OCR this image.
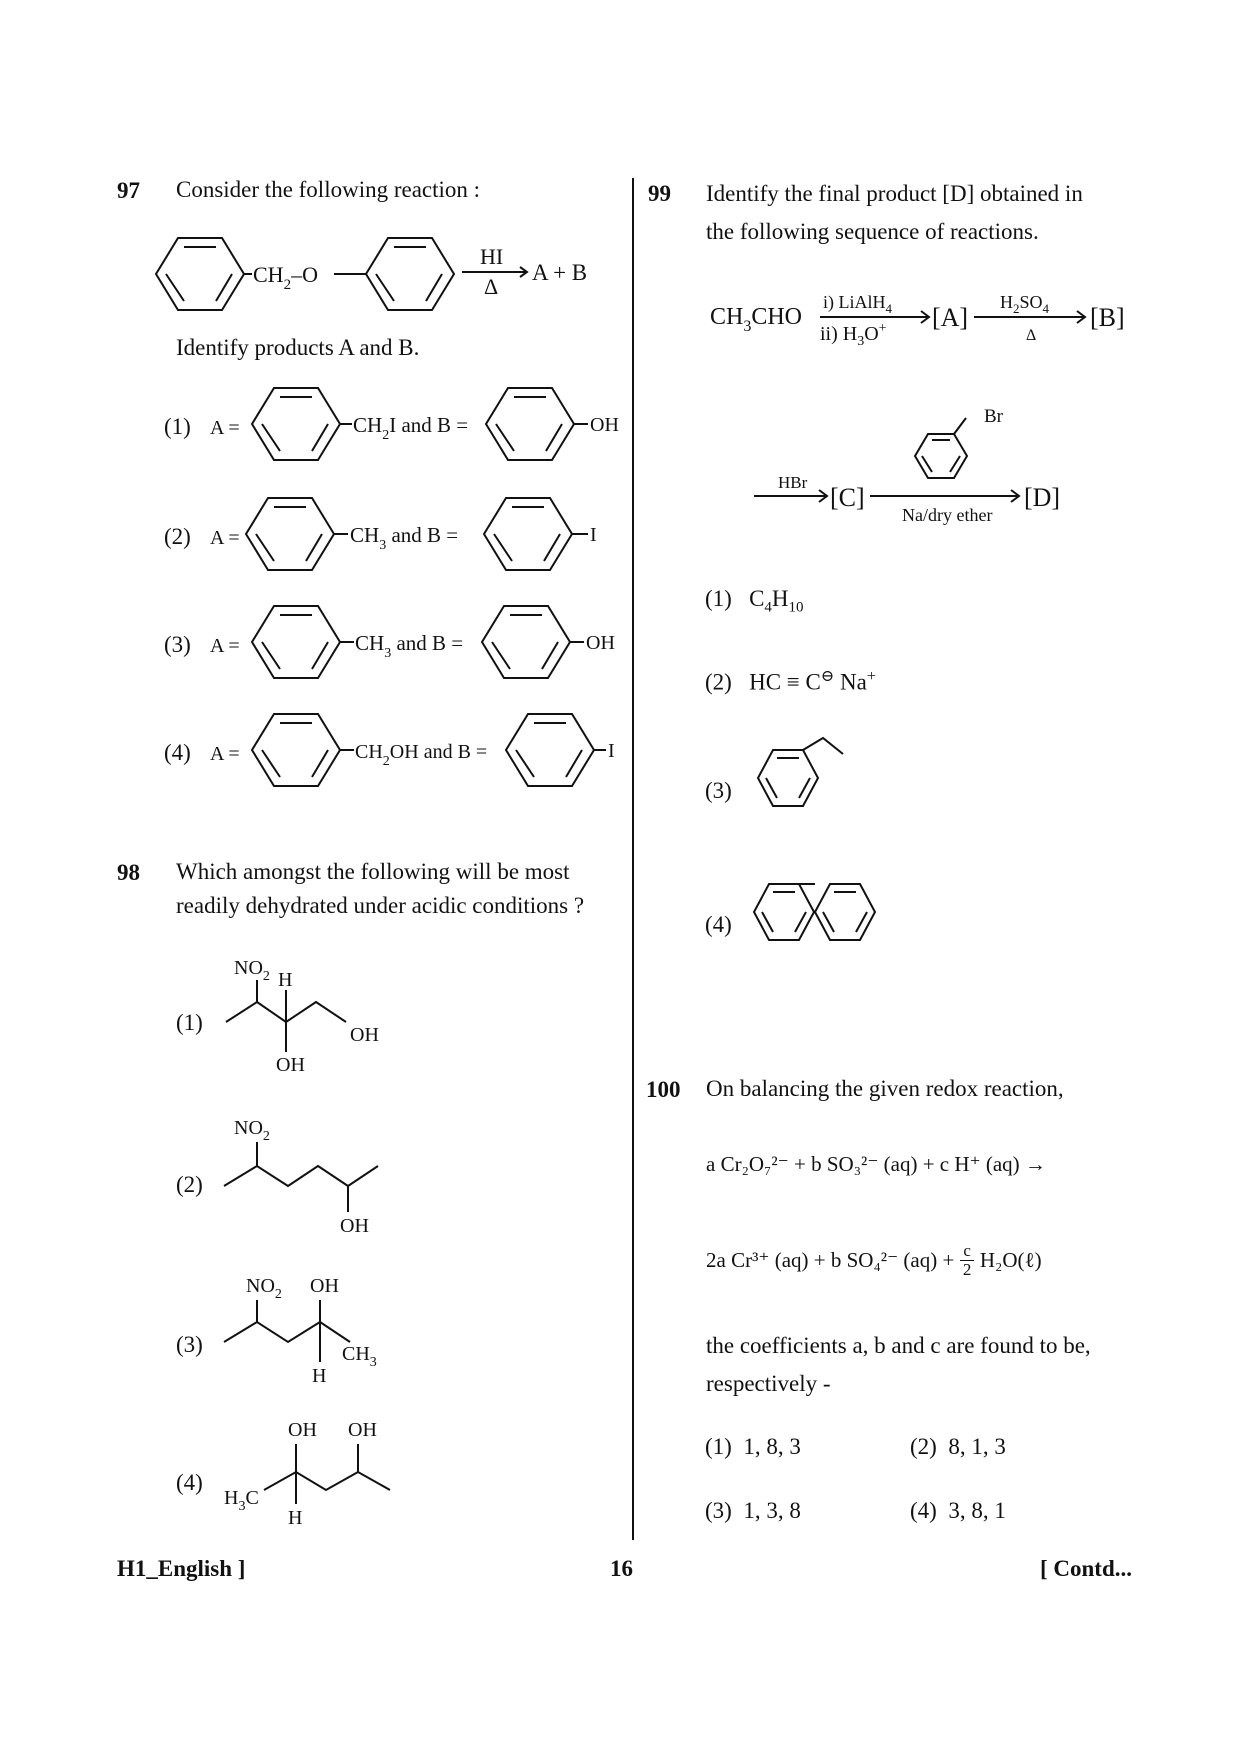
97 Consider the following reaction :
$CH_2-O$
HI
Δ
A + B
Identify products A and B.
(1) A =	$CH_2I$ and B =	OH
(2) A =	$CH_3$ and B =	I
(3) A =	$CH_3$ and B =	OH
(4) A =	$CH_2OH$ and B =	I
98 Which amongst the following will be most
readily dehydrated under acidic conditions ?
(1)
$NO_2$ H
OH
OH
(2)
$NO_2$
OH
(3)
$NO_2$ OH
$CH_3$
H
(4)
OH OH
$H_3C$
H
99 Identify the final product [D] obtained in
the following sequence of reactions.
$CH_3CHO$
i) LiAlH$_4$
ii) $H_3O^+$ [A]
$H_2SO_4$
Δ
[B]
HBr
[C]
Br
Na/dry ether
[D]
(1) $C_4H_{10}$
(2) HC ≡ C⊖ Na+
(3)
(4)
100 On balancing the given redox reaction,
a Cr₂O₇²⁻ + b SO₃²⁻ (aq) + c H⁺ (aq) →
2a Cr³⁺ (aq) + b SO₄²⁻ $(aq) + \frac{c}{2}$ H₂O(ℓ)
the coefficients a, b and c are found to be,
respectively -
(1) 1, 8, 3	(2) 8, 1, 3
(3) 1, 3, 8	(4) 3, 8, 1
H1_English ]	16	[ Contd...
